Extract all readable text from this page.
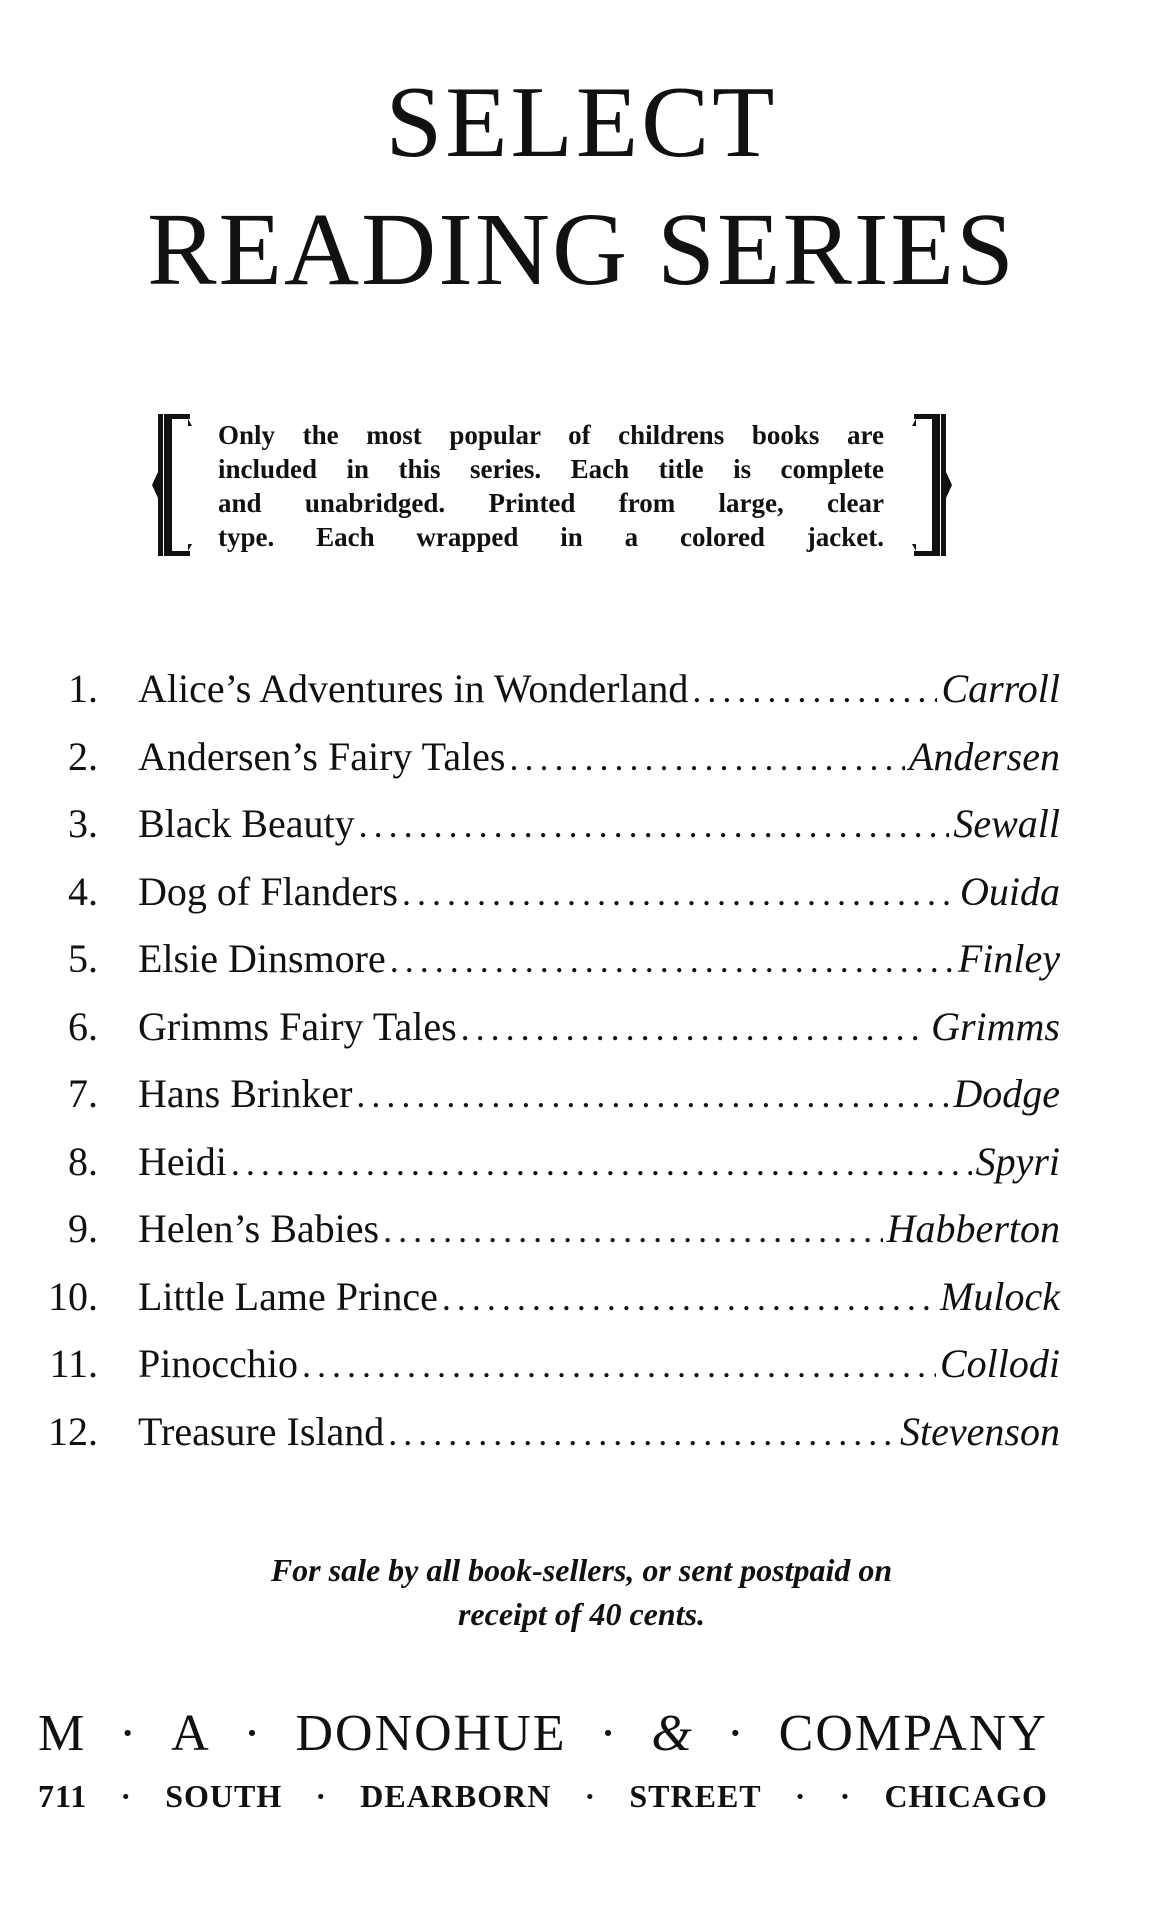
SELECT
READING SERIES
Only the most popular of childrens books are
included in this series. Each title is complete
and unabridged. Printed from large, clear
type. Each wrapped in a colored jacket.
1. Alice’s Adventures in Wonderland .....	Carroll
2. Andersen’s Fairy Tales .....	Andersen
3. Black Beauty .....	Sewall
4. Dog of Flanders .....	Ouida
5. Elsie Dinsmore .....	Finley
6. Grimms Fairy Tales .....	Grimms
7. Hans Brinker .....	Dodge
8. Heidi .....	Spyri
9. Helen’s Babies .....	Habberton
10. Little Lame Prince .....	Mulock
11. Pinocchio .....	Collodi
12. Treasure Island .....	Stevenson
For sale by all book-sellers, or sent postpaid on
receipt of 40 cents.
M · A · DONOHUE · & · COMPANY
711 · SOUTH · DEARBORN · STREET · · CHICAGO
